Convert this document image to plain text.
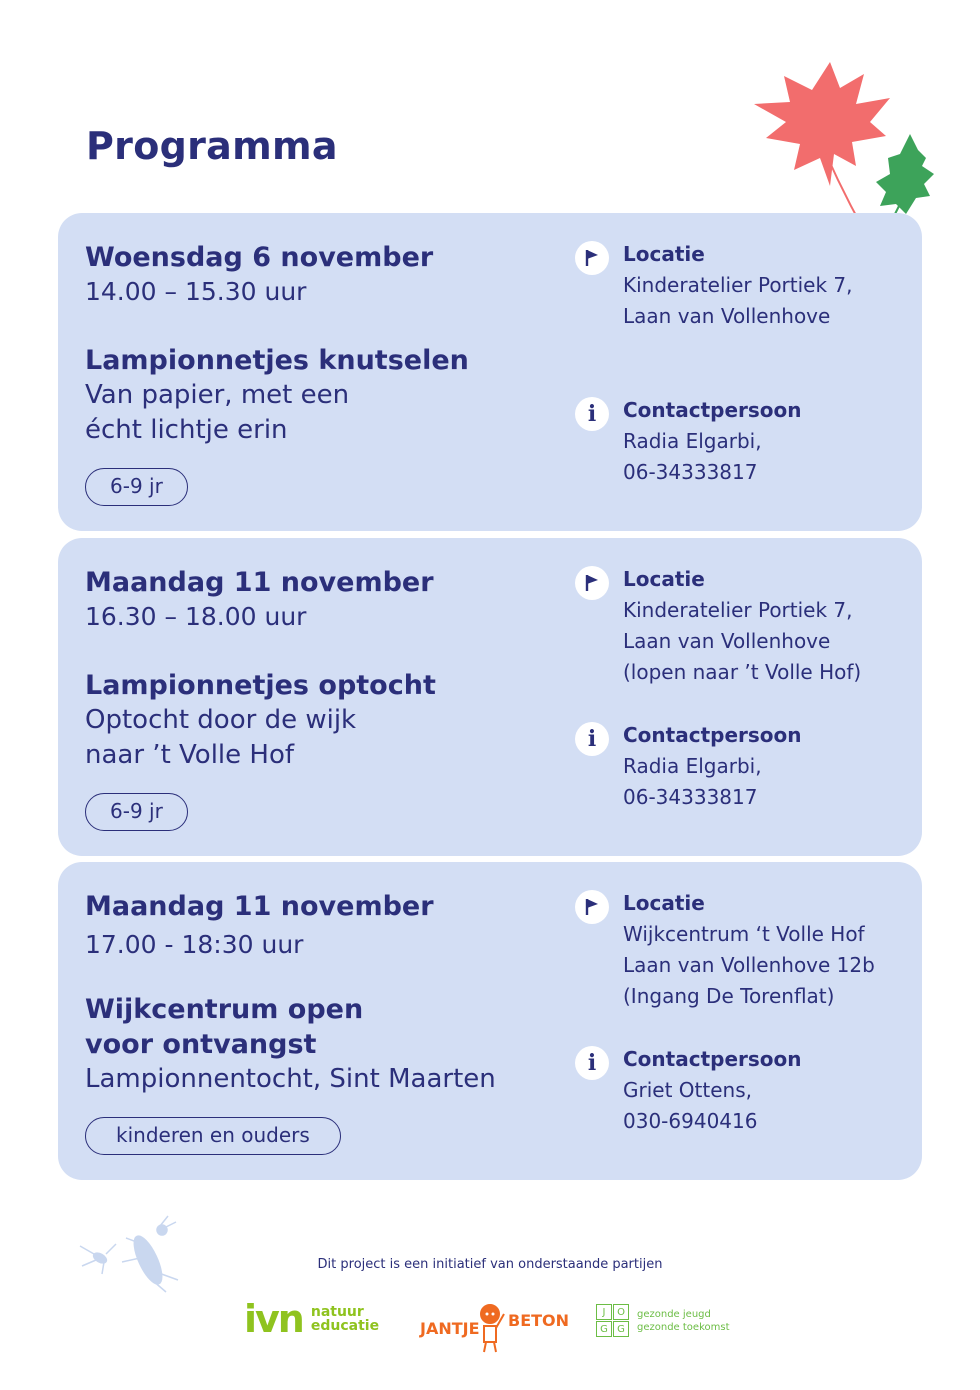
Programma
Woensdag 6 november
14.00 – 15.30 uur
Lampionnetjes knutselen
Van papier, met een
écht lichtje erin
6-9 jr
Locatie
Kinderatelier Portiek 7,
Laan van Vollenhove
i Contactpersoon
Radia Elgarbi,
06-34333817
Maandag 11 november
16.30 – 18.00 uur
Lampionnetjes optocht
Optocht door de wijk
naar ’t Volle Hof
6-9 jr
Locatie
Kinderatelier Portiek 7,
Laan van Vollenhove
(lopen naar ’t Volle Hof)
i Contactpersoon
Radia Elgarbi,
06-34333817
Maandag 11 november
17.00 - 18:30 uur
Wijkcentrum open
voor ontvangst
Lampionnentocht, Sint Maarten
kinderen en ouders
Locatie
Wijkcentrum ‘t Volle Hof
Laan van Vollenhove 12b
(Ingang De Torenflat)
i Contactpersoon
Griet Ottens,
030-6940416
Dit project is een initiatief van onderstaande partijen
ivn natuur
educatie	JANTJE BETON	J	O
G G
gezonde jeugd
gezonde toekomst
